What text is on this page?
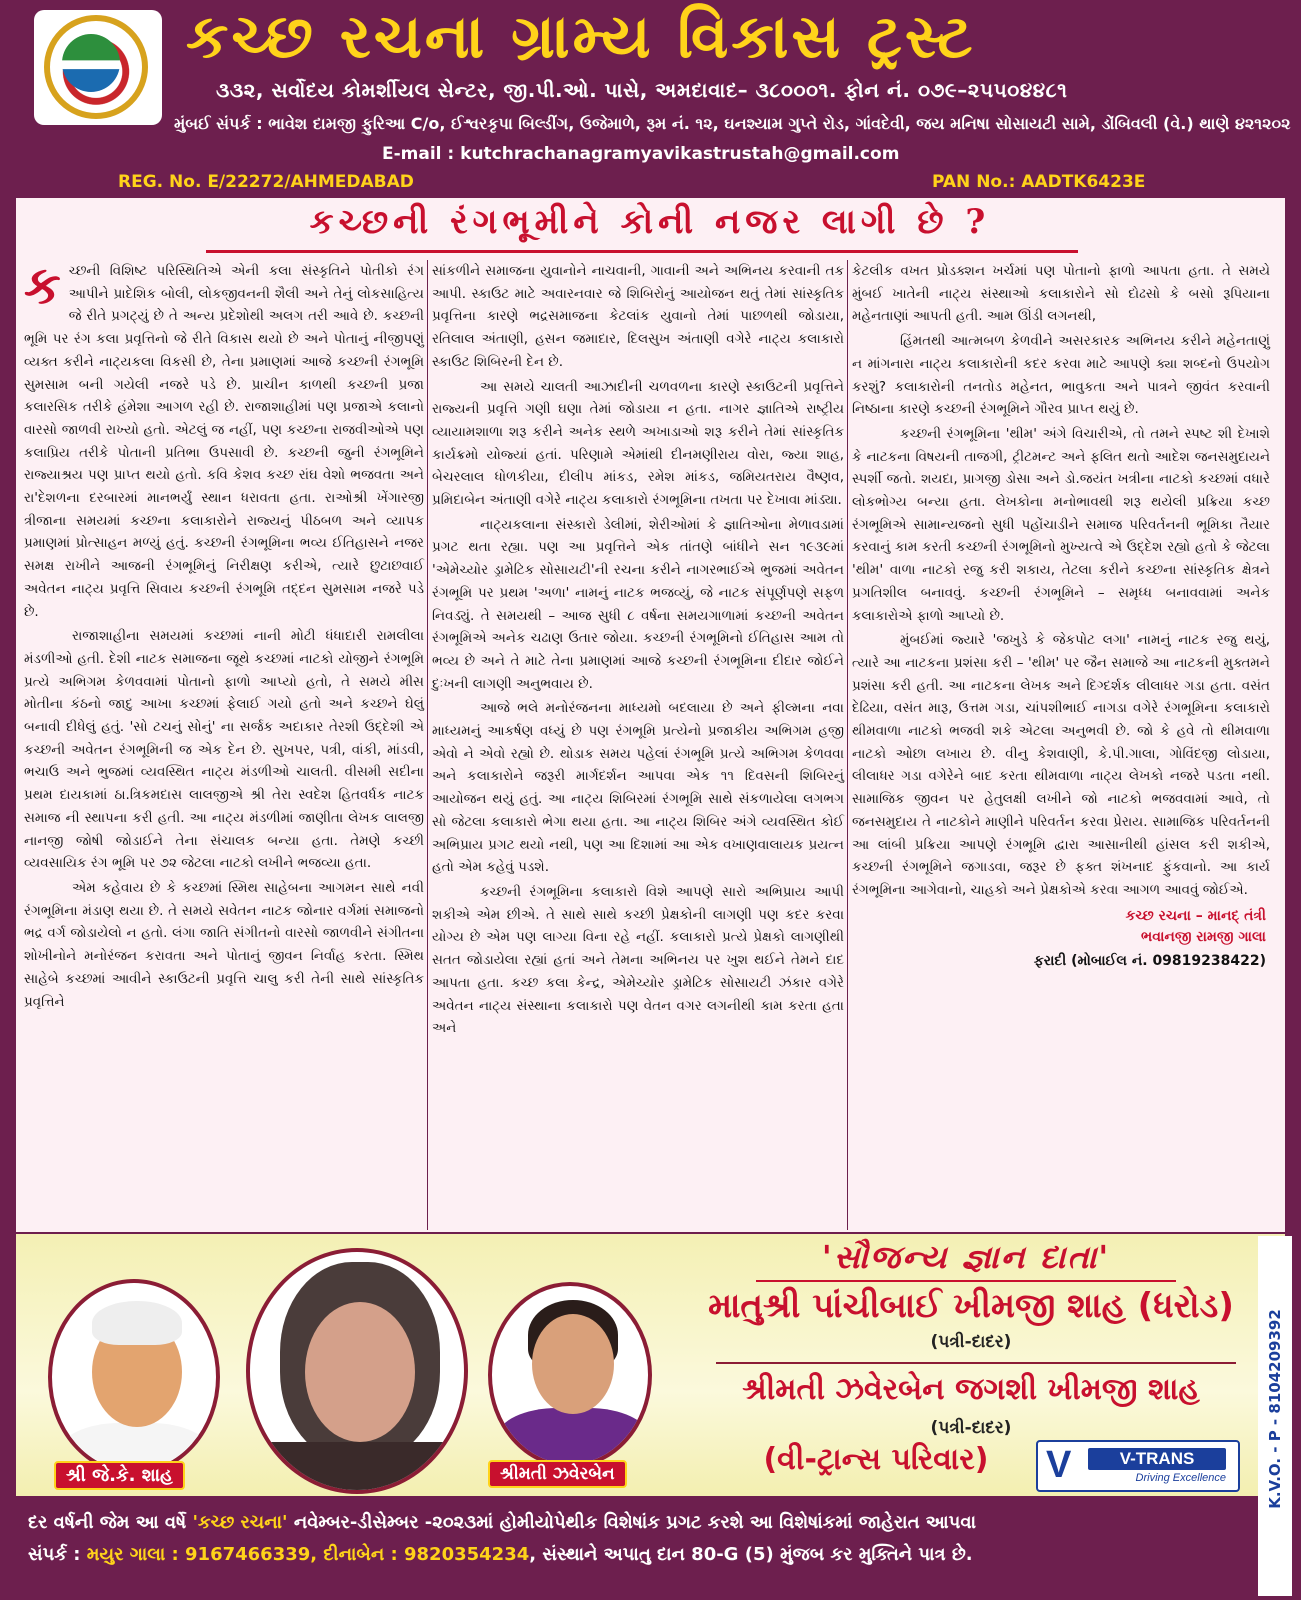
કચ્છ રચના ગ્રામ્ય વિકાસ ટ્રસ્ટ
૩૩૨, સર્વોદય કોમર્શીયલ સેન્ટર, જી.પી.ઓ. પાસે, અમદાવાદ– ૩૮૦૦૦૧. ફોન નં. ૦૭૯–૨૫૫૦૪૪૮૧
મુંબઈ સંપર્ક : ભાવેશ દામજી ફુરિઆ C/o, ઈશ્વરકૃપા બિલ્ડીંગ, ઉજેમાળે, રૂમ નં. ૧૨, ઘનશ્યામ ગુપ્તે રોડ, ગાંવદેવી, જય મનિષા સોસાયટી સામે, ડોંબિવલી (વે.) થાણે ૪૨૧૨૦૨
E-mail : kutchrachanagramyavikastrustah@gmail.com
REG. No. E/22272/AHMEDABAD	PAN No.: AADTK6423E
કચ્છની રંગભૂમીને કોની નજર લાગી છે ?

કચ્છની વિશિષ્ટ પરિસ્થિતિએ એની કલા સંસ્કૃતિને પોતીકો રંગ આપીને પ્રાદેશિક બોલી, લોકજીવનની શૈલી અને તેનું લોકસાહિત્ય જે રીતે પ્રગટ્યું છે તે અન્ય પ્રદેશોથી અલગ તરી આવે છે. કચ્છની ભૂમિ પર રંગ કલા પ્રવૃત્તિનો જે રીતે વિકાસ થયો છે અને પોતાનું નીજીપણું વ્યક્ત કરીને નાટ્યકલા વિકસી છે, તેના પ્રમાણમાં આજે કચ્છની રંગભૂમિ સુમસામ બની ગયેલી નજરે પડે છે. પ્રાચીન કાળથી કચ્છની પ્રજા કલારસિક તરીકે હંમેશા આગળ રહી છે. રાજાશાહીમાં પણ પ્રજાએ કલાનો વારસો જાળવી રાખ્યો હતો. એટલું જ નહીં, પણ કચ્છના રાજવીઓએ પણ કલાપ્રિય તરીકે પોતાની પ્રતિભા ઉપસાવી છે. કચ્છની જુની રંગભૂમિને રાજ્યાશ્રય પણ પ્રાપ્ત થયો હતો. કવિ કેશવ કચ્છ રાંઘ વેશો ભજવતા અને રા'દેશળના દરબારમાં માનભર્યું સ્થાન ધરાવતા હતા. રાઓશ્રી ખેંગારજી ત્રીજાના સમયમાં કચ્છના કલાકારોને રાજ્યનું પીઠબળ અને વ્યાપક પ્રમાણમાં પ્રોત્સાહન મળ્યું હતું. કચ્છની રંગભૂમિના ભવ્ય ઈતિહાસને નજર સમક્ષ રાખીને આજની રંગભૂમિનું નિરીક્ષણ કરીએ, ત્યારે છુટાછવાઈ અવેતન નાટ્ય પ્રવૃત્તિ સિવાય કચ્છની રંગભૂમિ તદ્દન સુમસામ નજરે પડે છે.

રાજાશાહીના સમયમાં કચ્છમાં નાની મોટી ધંધાદારી રામલીલા મંડળીઓ હતી. દેશી નાટક સમાજના જૂથે કચ્છમાં નાટકો યોજીને રંગભૂમિ પ્રત્યે અભિગમ કેળવવામાં પોતાનો ફાળો આપ્યો હતો, તે સમયે મીસ મોતીના કંઠનો જાદુ આખા કચ્છમાં ફેલાઈ ગયો હતો અને કચ્છને ઘેલું બનાવી દીધેલું હતું. 'સો ટચનું સોનું' ના સર્જક અદાકાર તેરશી ઉદ્દેશી એ કચ્છની અવેતન રંગભૂમિની જ એક દેન છે. સુખપર, પત્રી, વાંકી, માંડવી, ભચાઉ અને ભુજમાં વ્યવસ્થિત નાટ્ય મંડળીઓ ચાલતી. વીસમી સદીના પ્રથમ દાયકામાં ઠા.ત્રિકમદાસ લાલજીએ શ્રી તેરા સ્વદેશ હિતવર્ધક નાટક સમાજ ની સ્થાપના કરી હતી. આ નાટ્ય મંડળીમાં જાણીતા લેખક લાલજી નાનજી જોષી જોડાઈને તેના સંચાલક બન્યા હતા. તેમણે કચ્છી વ્યવસાયિક રંગ ભૂમિ પર ૭૨ જેટલા નાટકો લખીને ભજવ્યા હતા.

એમ કહેવાય છે કે કચ્છમાં સ્મિથ સાહેબના આગમન સાથે નવી રંગભૂમિના મંડાણ થયા છે. તે સમયે સવેતન નાટક જોનાર વર્ગમાં સમાજનો ભદ્ર વર્ગ જોડાયેલો ન હતો. લંગા જાતિ સંગીતનો વારસો જાળવીને સંગીતના શોખીનોને મનોરંજન કરાવતા અને પોતાનું જીવન નિર્વાહ કરતા. સ્મિથ સાહેબે કચ્છમાં આવીને સ્કાઉટની પ્રવૃત્તિ ચાલુ કરી તેની સાથે સાંસ્કૃતિક પ્રવૃત્તિને

સાંકળીને સમાજના યુવાનોને નાચવાની, ગાવાની અને અભિનય કરવાની તક આપી. સ્કાઉટ માટે અવારનવાર જે શિબિરોનું આયોજન થતું તેમાં સાંસ્કૃતિક પ્રવૃત્તિના કારણે ભદ્રસમાજના કેટલાંક યુવાનો તેમાં પાછળથી જોડાયા, રતિલાલ અંતાણી, હસન જમાદાર, દિલસુખ અંતાણી વગેરે નાટ્ય કલાકારો સ્કાઉટ શિબિરની દેન છે.

આ સમયે ચાલતી આઝાદીની ચળવળના કારણે સ્કાઉટની પ્રવૃત્તિને રાજ્યની પ્રવૃત્તિ ગણી ઘણા તેમાં જોડાયા ન હતા. નાગર જ્ઞાતિએ રાષ્ટ્રીય વ્યાયામશાળા શરૂ કરીને અનેક સ્થળે અખાડાઓ શરૂ કરીને તેમાં સાંસ્કૃતિક કાર્યક્રમો યોજ્યાં હતાં. પરિણામે એમાંથી દીનમણીરાય વોરા, જ્યા શાહ, બેચરલાલ ધોળકીયા, દીલીપ માંકડ, રમેશ માંકડ, જમિયતરાય વૈષ્ણવ, પ્રમિદાબેન અંતાણી વગેરે નાટ્ય કલાકારો રંગભૂમિના તખતા પર દેખાવા માંડ્યા.

નાટ્યકલાના સંસ્કારો ડેલીમાં, શેરીઓમાં કે જ્ઞાતિઓના મેળાવડામાં પ્રગટ થતા રહ્યા. પણ આ પ્રવૃત્તિને એક તાંતણે બાંધીને સન ૧૯૩૯માં 'એમેચ્યોર ડ્રામેટિક સોસાયટી'ની રચના કરીને નાગરભાઈએ ભુજમાં અવેતન રંગભૂમિ પર પ્રથમ 'અળા' નામનું નાટક ભજવ્યું, જે નાટક સંપૂર્ણપણે સફળ નિવડ્યું. તે સમયથી – આજ સુધી ૮ વર્ષના સમયગાળામાં કચ્છની અવેતન રંગભૂમિએ અનેક ચઢાણ ઉતાર જોયા. કચ્છની રંગભૂમિનો ઈતિહાસ આમ તો ભવ્ય છે અને તે માટે તેના પ્રમાણમાં આજે કચ્છની રંગભૂમિના દીદાર જોઈને દુઃખની લાગણી અનુભવાય છે.

આજે ભલે મનોરંજનના માધ્યમો બદલાયા છે અને ફીલ્મના નવા માધ્યમનું આકર્ષણ વધ્યું છે પણ રંગભૂમિ પ્રત્યેનો પ્રજાકીય અભિગમ હજી એવો ને એવો રહ્યો છે. થોડાક સમય પહેલાં રંગભૂમિ પ્રત્યે અભિગમ કેળવવા અને કલાકારોને જરૂરી માર્ગદર્શન આપવા એક ૧૧ દિવસની શિબિરનું આયોજન થયું હતું. આ નાટ્ય શિબિરમાં રંગભૂમિ સાથે સંકળાયેલા લગભગ સો જેટલા કલાકારો ભેગા થયા હતા. આ નાટ્ય શિબિર અંગે વ્યવસ્થિત કોઈ અભિપ્રાય પ્રગટ થયો નથી, પણ આ દિશામાં આ એક વખાણવાલાયક પ્રયત્ન હતો એમ કહેવું પડશે.

કચ્છની રંગભૂમિના કલાકારો વિશે આપણે સારો અભિપ્રાય આપી શકીએ એમ છીએ. તે સાથે સાથે કચ્છી પ્રેક્ષકોની લાગણી પણ કદર કરવા યોગ્ય છે એમ પણ લાગ્યા વિના રહે નહીં. કલાકારો પ્રત્યે પ્રેક્ષકો લાગણીથી સતત જોડાયેલા રહ્યાં હતાં અને તેમના અભિનય પર ખુશ થઈને તેમને દાદ આપતા હતા. કચ્છ કલા કેન્દ્ર, એમેચ્યોર ડ્રામેટિક સોસાયટી ઝંકાર વગેરે અવેતન નાટ્ય સંસ્થાના કલાકારો પણ વેતન વગર લગનીથી કામ કરતા હતા અને

કેટલીક વખત પ્રોડક્શન ખર્ચમાં પણ પોતાનો ફાળો આપતા હતા. તે સમયે મુંબઈ ખાતેની નાટ્ય સંસ્થાઓ કલાકારોને સો દોઢસો કે બસો રૂપિયાના મહેનતાણાં આપતી હતી. આમ ઊંડી લગનથી,

હિંમતથી આત્મબળ કેળવીને અસરકારક અભિનય કરીને મહેનતાણું ન માંગનારા નાટ્ય કલાકારોની કદર કરવા માટે આપણે ક્યા શબ્દનો ઉપયોગ કરશું? કલાકારોની તનતોડ મહેનત, ભાવુકતા અને પાત્રને જીવંત કરવાની નિષ્ઠાના કારણે કચ્છની રંગભૂમિને ગૌરવ પ્રાપ્ત થયું છે.

કચ્છની રંગભૂમિના 'થીમ' અંગે વિચારીએ, તો તમને સ્પષ્ટ શી દેખાશે કે નાટકના વિષયની તાજગી, ટ્રીટમન્ટ અને ફલિત થતો આદેશ જનસમુદાયને સ્પર્શી જતો. શયદા, પ્રાગજી ડોસા અને ડો.જયંત ખત્રીના નાટકો કચ્છમાં વધારે લોકભોગ્ય બન્યા હતા. લેખકોના મનોભાવથી શરૂ થયેલી પ્રક્રિયા કચ્છ રંગભૂમિએ સામાન્યજનો સુધી પહોંચાડીને સમાજ પરિવર્તનની ભૂમિકા તૈયાર કરવાનું કામ કરતી કચ્છની રંગભૂમિનો મુખ્યત્વે એ ઉદ્દેશ રહ્યો હતો કે જેટલા 'થીમ' વાળા નાટકો રજુ કરી શકાય, તેટલા કરીને કચ્છના સાંસ્કૃતિક ક્ષેત્રને પ્રગતિશીલ બનાવવું. કચ્છની રંગભૂમિને – સમૃધ્ધ બનાવવામાં અનેક કલાકારોએ ફાળો આપ્યો છે.

મુંબઈમાં જ્યારે 'જખુડે કે જેકપોટ લગા' નામનું નાટક રજુ થયું, ત્યારે આ નાટકના પ્રશંસા કરી – 'થીમ' પર જૈન સમાજે આ નાટકની મુક્તમને પ્રશંસા કરી હતી. આ નાટકના લેખક અને દિગ્દર્શક લીલાધર ગડા હતા. વસંત દેઢિયા, વસંત મારૂ, ઉત્તમ ગડા, ચાંપશીભાઈ નાગડા વગેરે રંગભૂમિના કલાકારો થીમવાળા નાટકો ભજવી શકે એટલા અનુભવી છે. જો કે હવે તો થીમવાળા નાટકો ઓછા લખાય છે. વીનુ કેશવાણી, કે.પી.ગાલા, ગોવિંદજી લોડાયા, લીલાધર ગડા વગેરેને બાદ કરતા થીમવાળા નાટ્ય લેખકો નજરે પડતા નથી. સામાજિક જીવન પર હેતુલક્ષી લખીને જો નાટકો ભજવવામાં આવે, તો જનસમુદાય તે નાટકોને માણીને પરિવર્તન કરવા પ્રેરાય. સામાજિક પરિવર્તનની આ લાંબી પ્રક્રિયા આપણે રંગભૂમિ દ્વારા આસાનીથી હાંસલ કરી શકીએ, કચ્છની રંગભૂમિને જગાડવા, જરૂર છે ફક્ત શંખનાદ ફુંકવાનો. આ કાર્ય રંગભૂમિના આગેવાનો, ચાહકો અને પ્રેક્ષકોએ કરવા આગળ આવવું જોઈએ.

કચ્છ રચના – માનદ્ તંત્રી
ભવાનજી રામજી ગાલા
ફરાદી (મોબાઈલ નં. 09819238422)
શ્રી જે.કે. શાહ	શ્રીમતી ઝવેરબેન
'સૌજન્ય જ્ઞાન દાતા'
માતુશ્રી પાંચીબાઈ ખીમજી શાહ (ધરોડ)
(પત્રી-દાદર)
શ્રીમતી ઝવેરબેન જગશી ખીમજી શાહ
(પત્રી-દાદર)
(વી-ટ્રાન્સ પરિવાર)	V	V-TRANS
Driving Excellence
દર વર્ષની જેમ આ વર્ષે 'કચ્છ રચના' નવેમ્બર-ડીસેમ્બર -૨૦૨૩માં હોમીયોપેથીક વિશેષાંક પ્રગટ કરશે આ વિશેષાંકમાં જાહેરાત આપવા
સંપર્ક : મયુર ગાલા : 9167466339, દીનાબેન : 9820354234, સંસ્થાને અપાતુ દાન 80-G (5) મુંજબ કર મુક્તિને પાત્ર છે.
K.V.O. - P - 8104209392
